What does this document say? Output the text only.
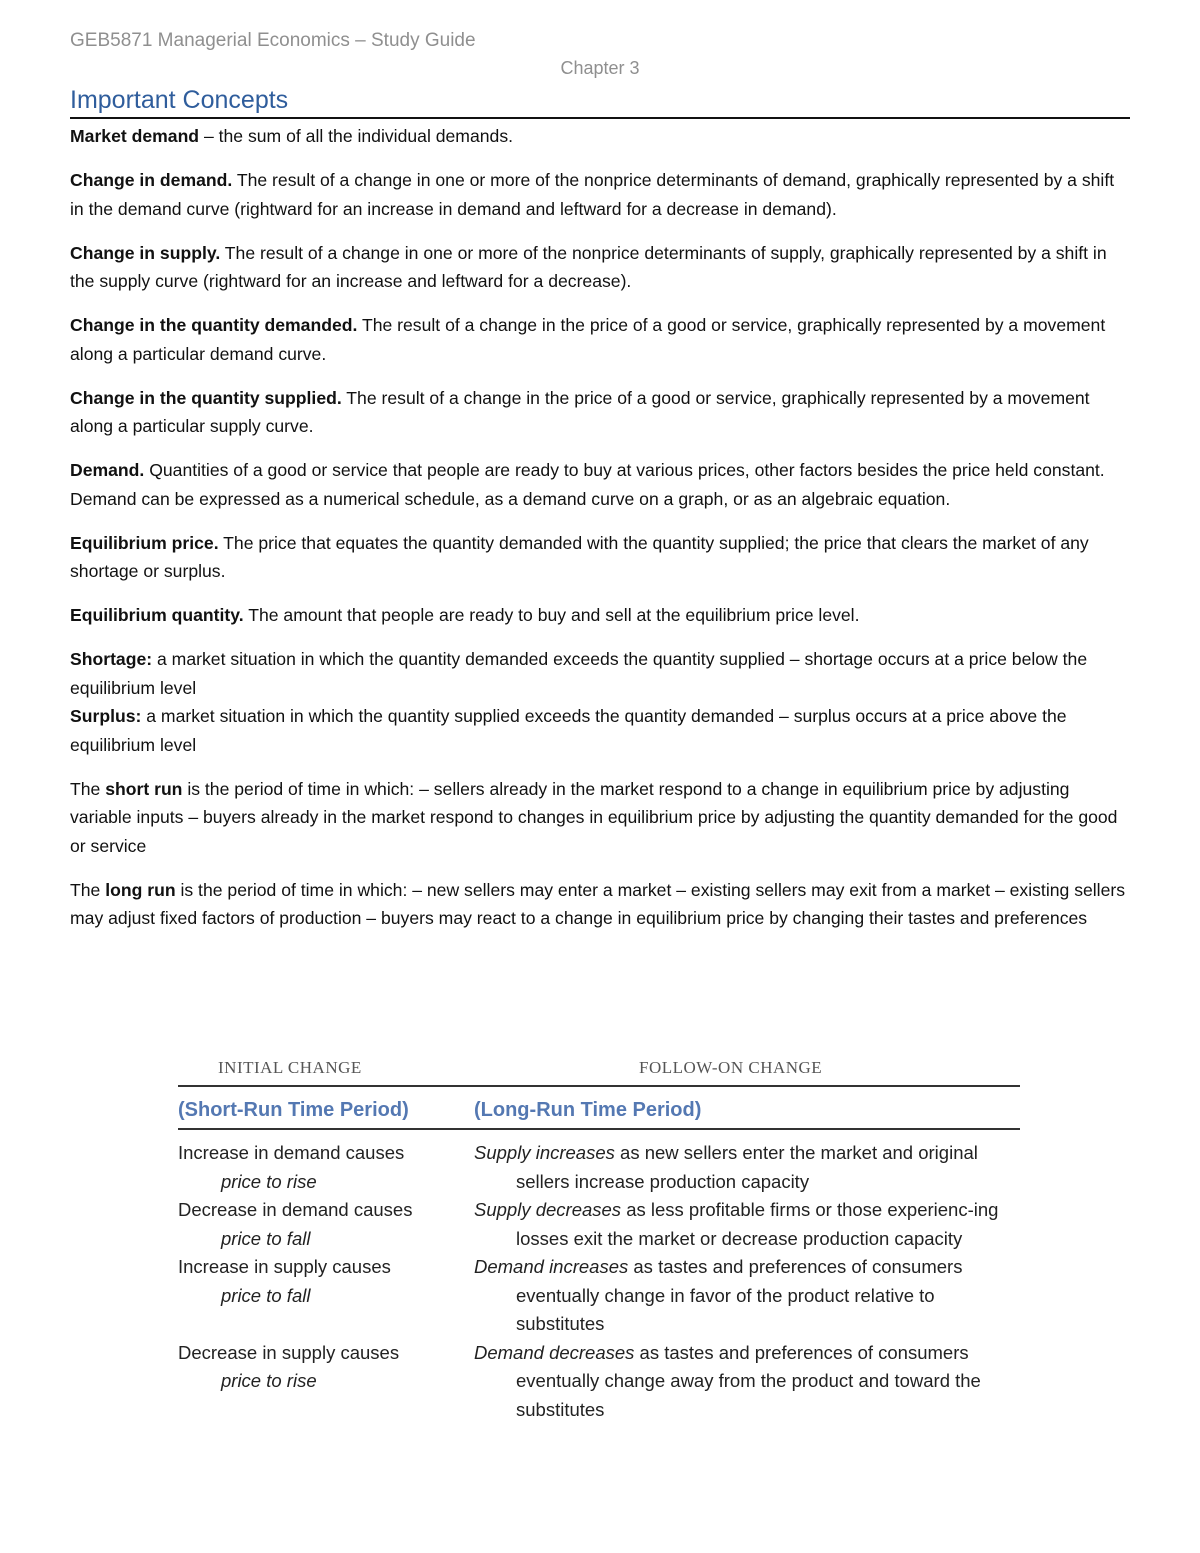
GEB5871 Managerial Economics – Study Guide
Chapter 3
Important Concepts

Market demand – the sum of all the individual demands.

Change in demand. The result of a change in one or more of the nonprice determinants of demand, graphically represented by a shift in the demand curve (rightward for an increase in demand and leftward for a decrease in demand).

Change in supply. The result of a change in one or more of the nonprice determinants of supply, graphically represented by a shift in the supply curve (rightward for an increase and leftward for a decrease).

Change in the quantity demanded. The result of a change in the price of a good or service, graphically represented by a movement along a particular demand curve.

Change in the quantity supplied. The result of a change in the price of a good or service, graphically represented by a movement along a particular supply curve.

Demand. Quantities of a good or service that people are ready to buy at various prices, other factors besides the price held constant. Demand can be expressed as a numerical schedule, as a demand curve on a graph, or as an algebraic equation.

Equilibrium price. The price that equates the quantity demanded with the quantity supplied; the price that clears the market of any shortage or surplus.

Equilibrium quantity. The amount that people are ready to buy and sell at the equilibrium price level.

Shortage: a market situation in which the quantity demanded exceeds the quantity supplied – shortage occurs at a price below the equilibrium level

Surplus: a market situation in which the quantity supplied exceeds the quantity demanded – surplus occurs at a price above the equilibrium level

The short run is the period of time in which: – sellers already in the market respond to a change in equilibrium price by adjusting variable inputs – buyers already in the market respond to changes in equilibrium price by adjusting the quantity demanded for the good or service

The long run is the period of time in which: – new sellers may enter a market – existing sellers may exit from a market – existing sellers may adjust fixed factors of production – buyers may react to a change in equilibrium price by changing their tastes and preferences

INITIAL CHANGE	FOLLOW-ON CHANGE
(Short-Run Time Period)	(Long-Run Time Period)
Increase in demand causes
price to rise
Supply increases as new sellers enter the market and original sellers increase production capacity
Decrease in demand causes
price to fall
Supply decreases as less profitable firms or those experienc-ing losses exit the market or decrease production capacity
Increase in supply causes
price to fall
Demand increases as tastes and preferences of consumers eventually change in favor of the product relative to substitutes
Decrease in supply causes
price to rise
Demand decreases as tastes and preferences of consumers eventually change away from the product and toward the substitutes
